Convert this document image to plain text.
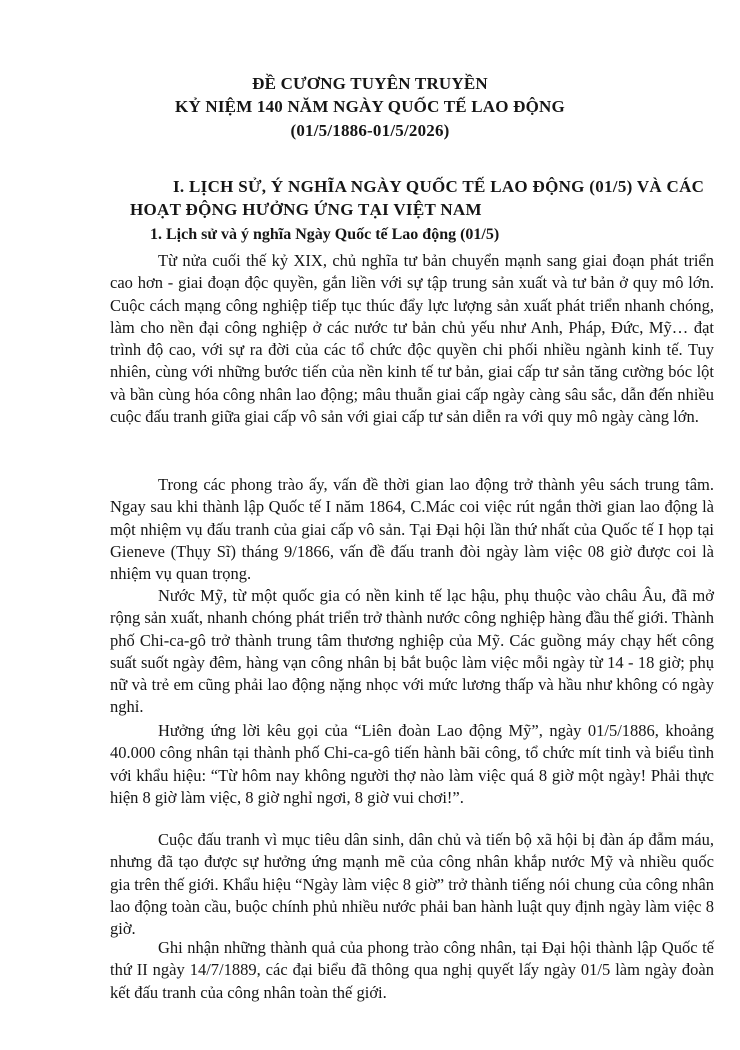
ĐỀ CƯƠNG TUYÊN TRUYỀN
KỶ NIỆM 140 NĂM NGÀY QUỐC TẾ LAO ĐỘNG
(01/5/1886-01/5/2026)
I. LỊCH SỬ, Ý NGHĨA NGÀY QUỐC TẾ LAO ĐỘNG (01/5) VÀ CÁC
HOẠT ĐỘNG HƯỞNG ỨNG TẠI VIỆT NAM
1. Lịch sử và ý nghĩa Ngày Quốc tế Lao động (01/5)

Từ nửa cuối thế kỷ XIX, chủ nghĩa tư bản chuyển mạnh sang giai đoạn phát triển cao hơn - giai đoạn độc quyền, gắn liền với sự tập trung sản xuất và tư bản ở quy mô lớn. Cuộc cách mạng công nghiệp tiếp tục thúc đẩy lực lượng sản xuất phát triển nhanh chóng, làm cho nền đại công nghiệp ở các nước tư bản chủ yếu như Anh, Pháp, Đức, Mỹ… đạt trình độ cao, với sự ra đời của các tổ chức độc quyền chi phối nhiều ngành kinh tế. Tuy nhiên, cùng với những bước tiến của nền kinh tế tư bản, giai cấp tư sản tăng cường bóc lột và bần cùng hóa công nhân lao động; mâu thuẫn giai cấp ngày càng sâu sắc, dẫn đến nhiều cuộc đấu tranh giữa giai cấp vô sản với giai cấp tư sản diễn ra với quy mô ngày càng lớn.

Trong các phong trào ấy, vấn đề thời gian lao động trở thành yêu sách trung tâm. Ngay sau khi thành lập Quốc tế I năm 1864, C.Mác coi việc rút ngắn thời gian lao động là một nhiệm vụ đấu tranh của giai cấp vô sản. Tại Đại hội lần thứ nhất của Quốc tế I họp tại Gieneve (Thụy Sĩ) tháng 9/1866, vấn đề đấu tranh đòi ngày làm việc 08 giờ được coi là nhiệm vụ quan trọng.

Nước Mỹ, từ một quốc gia có nền kinh tế lạc hậu, phụ thuộc vào châu Âu, đã mở rộng sản xuất, nhanh chóng phát triển trở thành nước công nghiệp hàng đầu thế giới. Thành phố Chi-ca-gô trở thành trung tâm thương nghiệp của Mỹ. Các guồng máy chạy hết công suất suốt ngày đêm, hàng vạn công nhân bị bắt buộc làm việc mỗi ngày từ 14 - 18 giờ; phụ nữ và trẻ em cũng phải lao động nặng nhọc với mức lương thấp và hầu như không có ngày nghỉ.

Hưởng ứng lời kêu gọi của “Liên đoàn Lao động Mỹ”, ngày 01/5/1886, khoảng 40.000 công nhân tại thành phố Chi-ca-gô tiến hành bãi công, tổ chức mít tinh và biểu tình với khẩu hiệu: “Từ hôm nay không người thợ nào làm việc quá 8 giờ một ngày! Phải thực hiện 8 giờ làm việc, 8 giờ nghỉ ngơi, 8 giờ vui chơi!”.

Cuộc đấu tranh vì mục tiêu dân sinh, dân chủ và tiến bộ xã hội bị đàn áp đẫm máu, nhưng đã tạo được sự hưởng ứng mạnh mẽ của công nhân khắp nước Mỹ và nhiều quốc gia trên thế giới. Khẩu hiệu “Ngày làm việc 8 giờ” trở thành tiếng nói chung của công nhân lao động toàn cầu, buộc chính phủ nhiều nước phải ban hành luật quy định ngày làm việc 8 giờ.

Ghi nhận những thành quả của phong trào công nhân, tại Đại hội thành lập Quốc tế thứ II ngày 14/7/1889, các đại biểu đã thông qua nghị quyết lấy ngày 01/5 làm ngày đoàn kết đấu tranh của công nhân toàn thế giới.
